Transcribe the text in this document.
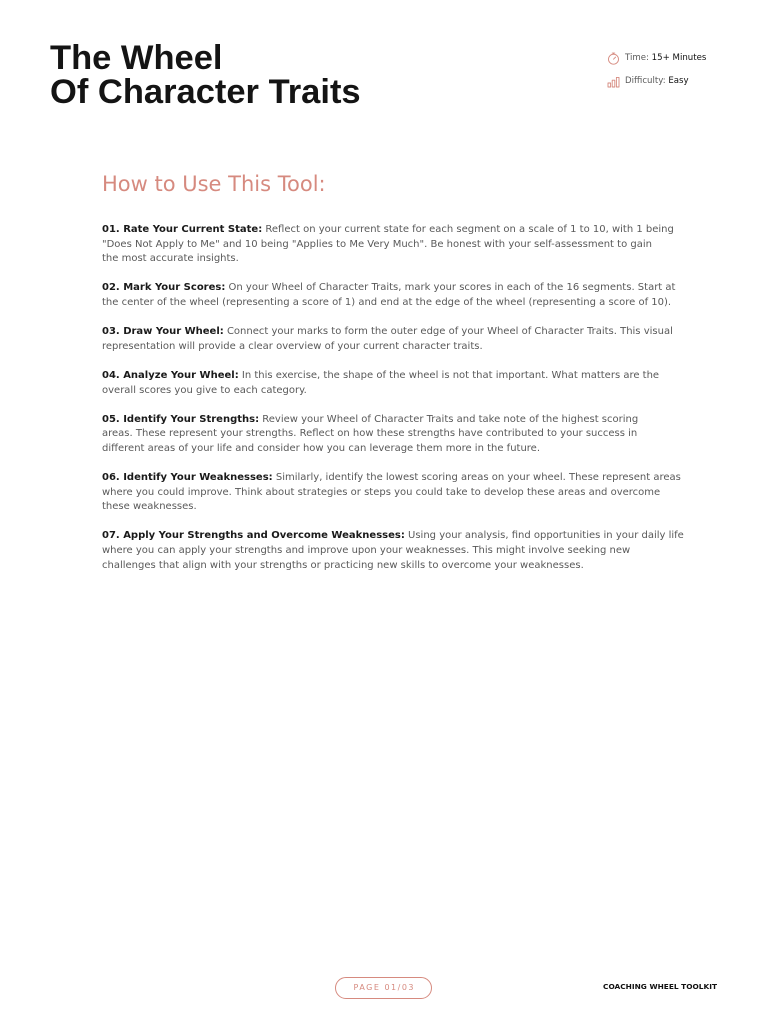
The Wheel
Of Character Traits
Time: 15+ Minutes
Difficulty: Easy
How to Use This Tool:
01. Rate Your Current State: Reflect on your current state for each segment on a scale of 1 to 10, with 1 being
"Does Not Apply to Me" and 10 being "Applies to Me Very Much". Be honest with your self-assessment to gain
the most accurate insights.
02. Mark Your Scores: On your Wheel of Character Traits, mark your scores in each of the 16 segments. Start at
the center of the wheel (representing a score of 1) and end at the edge of the wheel (representing a score of 10).
03. Draw Your Wheel: Connect your marks to form the outer edge of your Wheel of Character Traits. This visual
representation will provide a clear overview of your current character traits.
04. Analyze Your Wheel: In this exercise, the shape of the wheel is not that important. What matters are the
overall scores you give to each category.
05. Identify Your Strengths: Review your Wheel of Character Traits and take note of the highest scoring
areas. These represent your strengths. Reflect on how these strengths have contributed to your success in
different areas of your life and consider how you can leverage them more in the future.
06. Identify Your Weaknesses: Similarly, identify the lowest scoring areas on your wheel. These represent areas
where you could improve. Think about strategies or steps you could take to develop these areas and overcome
these weaknesses.
07. Apply Your Strengths and Overcome Weaknesses: Using your analysis, find opportunities in your daily life
where you can apply your strengths and improve upon your weaknesses. This might involve seeking new
challenges that align with your strengths or practicing new skills to overcome your weaknesses.
PAGE 01/03	COACHING WHEEL TOOLKIT
